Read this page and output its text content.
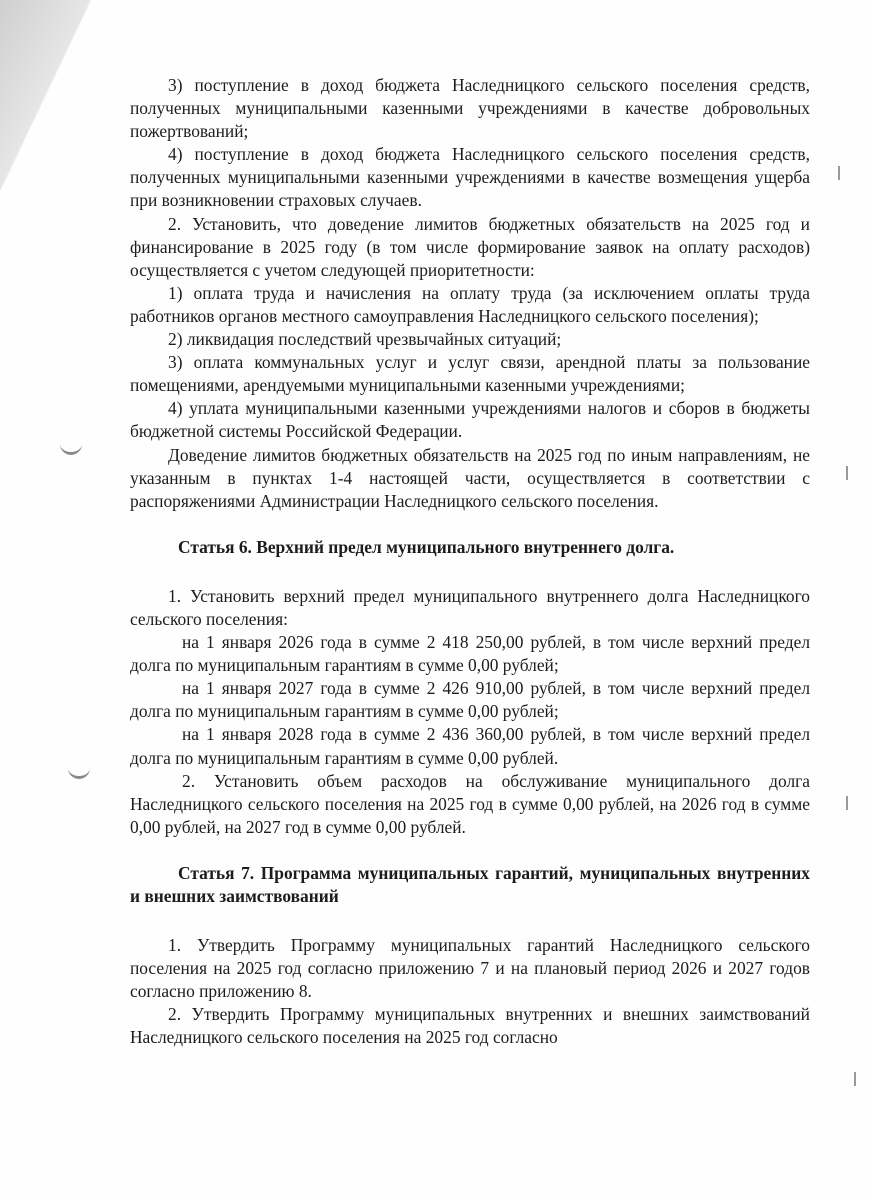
3) поступление в доход бюджета Наследницкого сельского поселения средств, полученных муниципальными казенными учреждениями в качестве добровольных пожертвований;

4) поступление в доход бюджета Наследницкого сельского поселения средств, полученных муниципальными казенными учреждениями в качестве возмещения ущерба при возникновении страховых случаев.

2. Установить, что доведение лимитов бюджетных обязательств на 2025 год и финансирование в 2025 году (в том числе формирование заявок на оплату расходов) осуществляется с учетом следующей приоритетности:

1) оплата труда и начисления на оплату труда (за исключением оплаты труда работников органов местного самоуправления Наследницкого сельского поселения);

2) ликвидация последствий чрезвычайных ситуаций;

3) оплата коммунальных услуг и услуг связи, арендной платы за пользование помещениями, арендуемыми муниципальными казенными учреждениями;

4) уплата муниципальными казенными учреждениями налогов и сборов в бюджеты бюджетной системы Российской Федерации.

Доведение лимитов бюджетных обязательств на 2025 год по иным направлениям, не указанным в пунктах 1-4 настоящей части, осуществляется в соответствии с распоряжениями Администрации Наследницкого сельского поселения.

Статья 6. Верхний предел муниципального внутреннего долга.

1. Установить верхний предел муниципального внутреннего долга Наследницкого сельского поселения:

на 1 января 2026 года в сумме 2 418 250,00 рублей, в том числе верхний предел долга по муниципальным гарантиям в сумме 0,00 рублей;

на 1 января 2027 года в сумме 2 426 910,00 рублей, в том числе верхний предел долга по муниципальным гарантиям в сумме 0,00 рублей;

на 1 января 2028 года в сумме 2 436 360,00 рублей, в том числе верхний предел долга по муниципальным гарантиям в сумме 0,00 рублей.

2. Установить объем расходов на обслуживание муниципального долга Наследницкого сельского поселения на 2025 год в сумме 0,00 рублей, на 2026 год в сумме 0,00 рублей, на 2027 год в сумме 0,00 рублей.

Статья 7. Программа муниципальных гарантий, муниципальных внутренних и внешних заимствований

1. Утвердить Программу муниципальных гарантий Наследницкого сельского поселения на 2025 год согласно приложению 7 и на плановый период 2026 и 2027 годов согласно приложению 8.

2. Утвердить Программу муниципальных внутренних и внешних заимствований Наследницкого сельского поселения на 2025 год согласно
